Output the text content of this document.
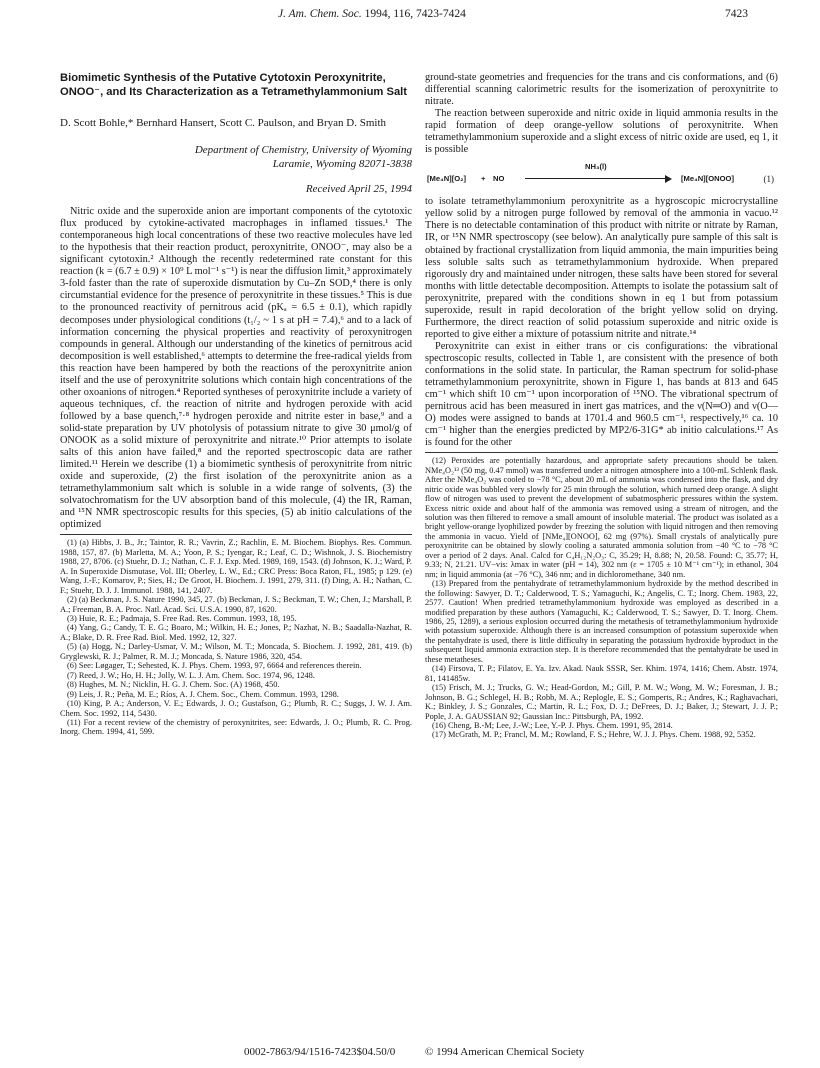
J. Am. Chem. Soc. 1994, 116, 7423-7424	7423
Biomimetic Synthesis of the Putative Cytotoxin Peroxynitrite, ONOO⁻, and Its Characterization as a Tetramethylammonium Salt

D. Scott Bohle,* Bernhard Hansert, Scott C. Paulson, and Bryan D. Smith

Department of Chemistry, University of Wyoming
Laramie, Wyoming 82071-3838

Received April 25, 1994

Nitric oxide and the superoxide anion are important components of the cytotoxic flux produced by cytokine-activated macrophages in inflamed tissues.¹ The contemporaneous high local concentrations of these two reactive molecules have led to the hypothesis that their reaction product, peroxynitrite, ONOO⁻, may also be a significant cytotoxin.² Although the recently redetermined rate constant for this reaction (k = (6.7 ± 0.9) × 10⁹ L mol⁻¹ s⁻¹) is near the diffusion limit,³ approximately 3-fold faster than the rate of superoxide dismutation by Cu–Zn SOD,⁴ there is only circumstantial evidence for the presence of peroxynitrite in these tissues.⁵ This is due to the pronounced reactivity of pernitrous acid (pKₐ = 6.5 ± 0.1), which rapidly decomposes under physiological conditions (t₁/₂ ~ 1 s at pH = 7.4),⁶ and to a lack of information concerning the physical properties and reactivity of peroxynitrogen compounds in general. Although our understanding of the kinetics of pernitrous acid decomposition is well established,⁶ attempts to determine the free-radical yields from this reaction have been hampered by both the reactions of the peroxynitrite anion itself and the use of peroxynitrite solutions which contain high concentrations of the other oxoanions of nitrogen.⁴ Reported syntheses of peroxynitrite include a variety of aqueous techniques, cf. the reaction of nitrite and hydrogen peroxide with acid followed by a base quench,⁷·⁸ hydrogen peroxide and nitrite ester in base,⁹ and a solid-state preparation by UV photolysis of potassium nitrate to give 30 μmol/g of ONOOK as a solid mixture of peroxynitrite and nitrate.¹⁰ Prior attempts to isolate salts of this anion have failed,⁸ and the reported spectroscopic data are rather limited.¹¹ Herein we describe (1) a biomimetic synthesis of peroxynitrite from nitric oxide and superoxide, (2) the first isolation of the peroxynitrite anion as a tetramethylammonium salt which is soluble in a wide range of solvents, (3) the solvatochromatism for the UV absorption band of this molecule, (4) the IR, Raman, and ¹⁵N NMR spectroscopic results for this species, (5) ab initio calculations of the optimized

(1) (a) Hibbs, J. B., Jr.; Taintor, R. R.; Vavrin, Z.; Rachlin, E. M. Biochem. Biophys. Res. Commun. 1988, 157, 87. (b) Marletta, M. A.; Yoon, P. S.; Iyengar, R.; Leaf, C. D.; Wishnok, J. S. Biochemistry 1988, 27, 8706. (c) Stuehr, D. J.; Nathan, C. F. J. Exp. Med. 1989, 169, 1543. (d) Johnson, K. J.; Ward, P. A. In Superoxide Dismutase, Vol. III; Oberley, L. W., Ed.; CRC Press: Boca Raton, FL, 1985; p 129. (e) Wang, J.-F.; Komarov, P.; Sies, H.; De Groot, H. Biochem. J. 1991, 279, 311. (f) Ding, A. H.; Nathan, C. F.; Stuehr, D. J. J. Immunol. 1988, 141, 2407.

(2) (a) Beckman, J. S. Nature 1990, 345, 27. (b) Beckman, J. S.; Beckman, T. W.; Chen, J.; Marshall, P. A.; Freeman, B. A. Proc. Natl. Acad. Sci. U.S.A. 1990, 87, 1620.

(3) Huie, R. E.; Padmaja, S. Free Rad. Res. Commun. 1993, 18, 195.

(4) Yang, G.; Candy, T. E. G.; Boaro, M.; Wilkin, H. E.; Jones, P.; Nazhat, N. B.; Saadalla-Nazhat, R. A.; Blake, D. R. Free Rad. Biol. Med. 1992, 12, 327.

(5) (a) Hogg, N.; Darley-Usmar, V. M.; Wilson, M. T.; Moncada, S. Biochem. J. 1992, 281, 419. (b) Gryglewski, R. J.; Palmer, R. M. J.; Moncada, S. Nature 1986, 320, 454.

(6) See: Løgager, T.; Sehested, K. J. Phys. Chem. 1993, 97, 6664 and references therein.

(7) Reed, J. W.; Ho, H. H.; Jolly, W. L. J. Am. Chem. Soc. 1974, 96, 1248.

(8) Hughes, M. N.; Nicklin, H. G. J. Chem. Soc. (A) 1968, 450.

(9) Leis, J. R.; Peña, M. E.; Ríos, A. J. Chem. Soc., Chem. Commun. 1993, 1298.

(10) King, P. A.; Anderson, V. E.; Edwards, J. O.; Gustafson, G.; Plumb, R. C.; Suggs, J. W. J. Am. Chem. Soc. 1992, 114, 5430.

(11) For a recent review of the chemistry of peroxynitrites, see: Edwards, J. O.; Plumb, R. C. Prog. Inorg. Chem. 1994, 41, 599.

ground-state geometries and frequencies for the trans and cis conformations, and (6) differential scanning calorimetric results for the isomerization of peroxynitrite to nitrate.

The reaction between superoxide and nitric oxide in liquid ammonia results in the rapid formation of deep orange-yellow solutions of peroxynitrite. When tetramethylammonium superoxide and a slight excess of nitric oxide are used, eq 1, it is possible

[Me₄N][O₂] + NO
NH₃(l)
[Me₄N][ONOO]	(1)

to isolate tetramethylammonium peroxynitrite as a hygroscopic microcrystalline yellow solid by a nitrogen purge followed by removal of the ammonia in vacuo.¹² There is no detectable contamination of this product with nitrite or nitrate by Raman, IR, or ¹⁵N NMR spectroscopy (see below). An analytically pure sample of this salt is obtained by fractional crystallization from liquid ammonia, the main impurities being less soluble salts such as tetramethylammonium hydroxide. When prepared rigorously dry and maintained under nitrogen, these salts have been stored for several months with little detectable decomposition. Attempts to isolate the potassium salt of peroxynitrite, prepared with the conditions shown in eq 1 but from potassium superoxide, result in rapid decoloration of the bright yellow solid on drying. Furthermore, the direct reaction of solid potassium superoxide and nitric oxide is reported to give either a mixture of potassium nitrite and nitrate.¹⁴

Peroxynitrite can exist in either trans or cis configurations: the vibrational spectroscopic results, collected in Table 1, are consistent with the presence of both conformations in the solid state. In particular, the Raman spectrum for solid-phase tetramethylammonium peroxynitrite, shown in Figure 1, has bands at 813 and 645 cm⁻¹ which shift 10 cm⁻¹ upon incorporation of ¹⁵NO. The vibrational spectrum of pernitrous acid has been measured in inert gas matrices, and the ν(N═O) and ν(O—O) modes were assigned to bands at 1701.4 and 960.5 cm⁻¹, respectively,¹⁶ ca. 10 cm⁻¹ higher than the energies predicted by MP2/6-31G* ab initio calculations.¹⁷ As is found for the other

(12) Peroxides are potentially hazardous, and appropriate safety precautions should be taken. NMe₄O₂¹³ (50 mg, 0.47 mmol) was transferred under a nitrogen atmosphere into a 100-mL Schlenk flask. After the NMe₄O₂ was cooled to −78 °C, about 20 mL of ammonia was condensed into the flask, and dry nitric oxide was bubbled very slowly for 25 min through the solution, which turned deep orange. A slight flow of nitrogen was used to prevent the development of subatmospheric pressures within the system. Excess nitric oxide and about half of the ammonia was removed using a stream of nitrogen, and the solution was then filtered to remove a small amount of insoluble material. The product was isolated as a bright yellow-orange lyophilized powder by freezing the solution with liquid nitrogen and then removing the ammonia in vacuo. Yield of [NMe₄][ONOO], 62 mg (97%). Small crystals of analytically pure peroxynitrite can be obtained by slowly cooling a saturated ammonia solution from −40 °C to −78 °C over a period of 2 days. Anal. Calcd for C₄H₁₂N₂O₃: C, 35.29; H, 8.88; N, 20.58. Found: C, 35.77; H, 9.33; N, 21.21. UV−vis: λmax in water (pH = 14), 302 nm (ε = 1705 ± 10 M⁻¹ cm⁻¹); in ethanol, 304 nm; in liquid ammonia (at −76 °C), 346 nm; and in dichloromethane, 340 nm.

(13) Prepared from the pentahydrate of tetramethylammonium hydroxide by the method described in the following: Sawyer, D. T.; Calderwood, T. S.; Yamaguchi, K.; Angelis, C. T.; Inorg. Chem. 1983, 22, 2577. Caution! When predried tetramethylammonium hydroxide was employed as described in a modified preparation by these authors (Yamaguchi, K.; Calderwood, T. S.; Sawyer, D. T. Inorg. Chem. 1986, 25, 1289), a serious explosion occurred during the metathesis of tetramethylammonium hydroxide with potassium superoxide. Although there is an increased consumption of potassium superoxide when the pentahydrate is used, there is little difficulty in separating the potassium hydroxide byproduct in the subsequent liquid ammonia extraction step. It is therefore recommended that the pentahydrate be used in these metatheses.

(14) Firsova, T. P.; Filatov, E. Ya. Izv. Akad. Nauk SSSR, Ser. Khim. 1974, 1416; Chem. Abstr. 1974, 81, 141485w.

(15) Frisch, M. J.; Trucks, G. W.; Head-Gordon, M.; Gill, P. M. W.; Wong, M. W.; Foresman, J. B.; Johnson, B. G.; Schlegel, H. B.; Robb, M. A.; Replogle, E. S.; Gomperts, R.; Andres, K.; Raghavachari, K.; Binkley, J. S.; Gonzales, C.; Martin, R. L.; Fox, D. J.; DeFrees, D. J.; Baker, J.; Stewart, J. J. P.; Pople, J. A. GAUSSIAN 92; Gaussian Inc.: Pittsburgh, PA, 1992.

(16) Cheng, B.-M; Lee, J.-W.; Lee, Y.-P. J. Phys. Chem. 1991, 95, 2814.

(17) McGrath, M. P.; Francl, M. M.; Rowland, F. S.; Hehre, W. J. J. Phys. Chem. 1988, 92, 5352.

0002-7863/94/1516-7423$04.50/0	© 1994 American Chemical Society
